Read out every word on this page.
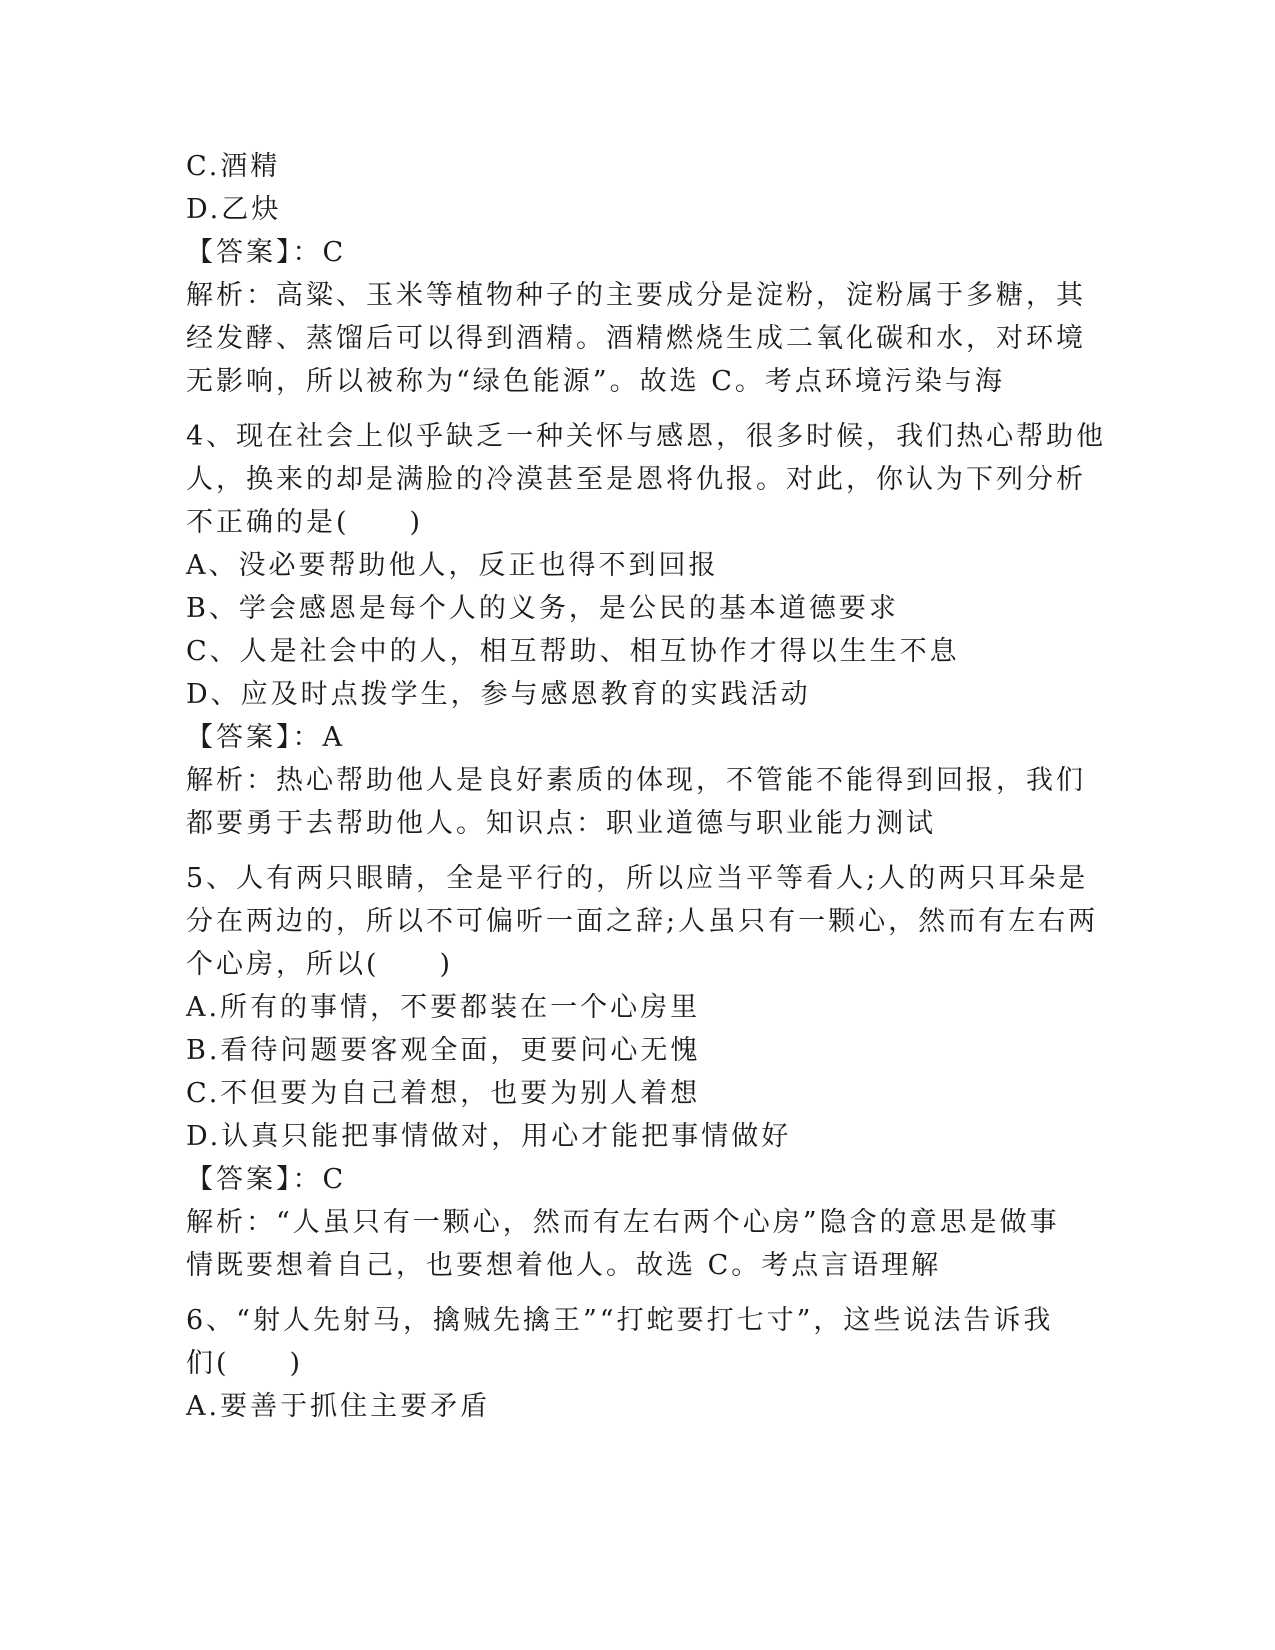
C.酒精
D.乙炔
【答案】：C
解析：高粱、玉米等植物种子的主要成分是淀粉，淀粉属于多糖，其
经发酵、蒸馏后可以得到酒精。酒精燃烧生成二氧化碳和水，对环境
无影响，所以被称为“绿色能源”。故选 C。考点环境污染与海
4、现在社会上似乎缺乏一种关怀与感恩，很多时候，我们热心帮助他
人，换来的却是满脸的冷漠甚至是恩将仇报。对此，你认为下列分析
不正确的是(　　)
A、没必要帮助他人，反正也得不到回报
B、学会感恩是每个人的义务，是公民的基本道德要求
C、人是社会中的人，相互帮助、相互协作才得以生生不息
D、应及时点拨学生，参与感恩教育的实践活动
【答案】：A
解析：热心帮助他人是良好素质的体现，不管能不能得到回报，我们
都要勇于去帮助他人。知识点：职业道德与职业能力测试
5、人有两只眼睛，全是平行的，所以应当平等看人;人的两只耳朵是
分在两边的，所以不可偏听一面之辞;人虽只有一颗心，然而有左右两
个心房，所以(　　)
A.所有的事情，不要都装在一个心房里
B.看待问题要客观全面，更要问心无愧
C.不但要为自己着想，也要为别人着想
D.认真只能把事情做对，用心才能把事情做好
【答案】：C
解析：“人虽只有一颗心，然而有左右两个心房”隐含的意思是做事
情既要想着自己，也要想着他人。故选 C。考点言语理解
6、“射人先射马，擒贼先擒王”“打蛇要打七寸”，这些说法告诉我
们(　　)
A.要善于抓住主要矛盾
